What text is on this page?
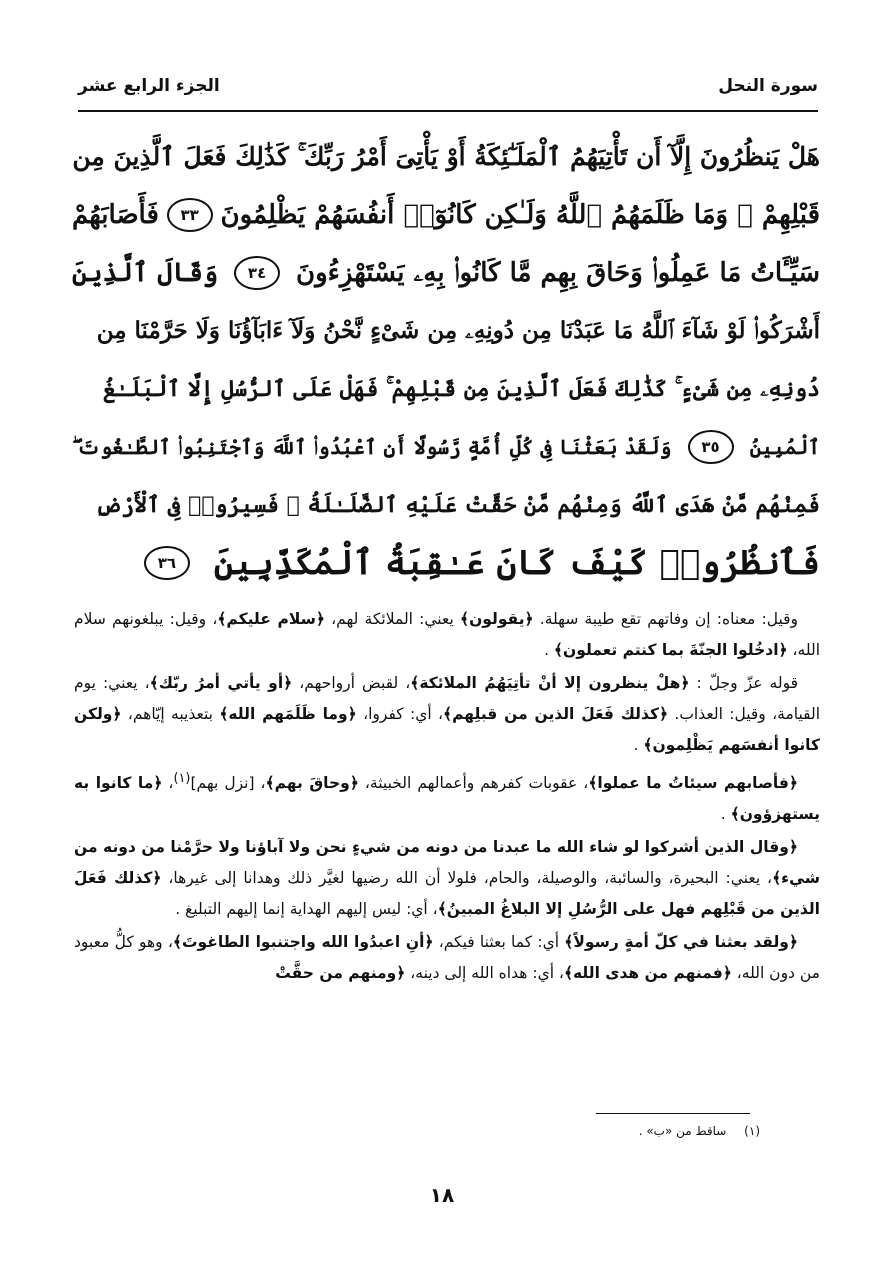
سورة النحل
الجزء الرابع عشر
هَلْ يَنظُرُونَ إِلَّآ أَن تَأْتِيَهُمُ ٱلْمَلَـٰٓئِكَةُ أَوْ يَأْتِىَ أَمْرُ رَبِّكَ ۚ كَذَٰلِكَ فَعَلَ ٱلَّذِينَ مِن
قَبْلِهِمْ ۚ وَمَا ظَلَمَهُمُ ٱللَّهُ وَلَـٰكِن كَانُوٓا۟ أَنفُسَهُمْ يَظْلِمُونَ
٣٣
فَأَصَابَهُمْ
سَيِّـَٔاتُ مَا عَمِلُوا۟ وَحَاقَ بِهِم مَّا كَانُوا۟ بِهِۦ يَسْتَهْزِءُونَ
٣٤
وَقَالَ ٱلَّذِينَ
أَشْرَكُوا۟ لَوْ شَآءَ ٱللَّهُ مَا عَبَدْنَا مِن دُونِهِۦ مِن شَىْءٍ نَّحْنُ وَلَآ ءَابَآؤُنَا وَلَا حَرَّمْنَا مِن
دُونِهِۦ مِن شَىْءٍ ۚ كَذَٰلِكَ فَعَلَ ٱلَّذِينَ مِن قَبْلِهِمْ ۚ فَهَلْ عَلَى ٱلرُّسُلِ إِلَّا ٱلْبَلَـٰغُ
ٱلْمُبِينُ
٣٥
وَلَقَدْ بَعَثْنَا فِى كُلِّ أُمَّةٍ رَّسُولًا أَنِ ٱعْبُدُوا۟ ٱللَّهَ وَٱجْتَنِبُوا۟ ٱلطَّـٰغُوتَ ۖ
فَمِنْهُم مَّنْ هَدَى ٱللَّهُ وَمِنْهُم مَّنْ حَقَّتْ عَلَيْهِ ٱلضَّلَـٰلَةُ ۚ فَسِيرُوا۟ فِى ٱلْأَرْضِ
فَٱنظُرُوا۟ كَيْفَ كَانَ عَـٰقِبَةُ ٱلْمُكَذِّبِينَ
٣٦

وقيل: معناه: إن وفاتهم تقع طيبة سهلة. ﴿يقولون﴾ يعني: الملائكة لهم، ﴿سلام عليكم﴾، وقيل: يبلغونهم سلام الله، ﴿ادخُلوا الجنّةَ بما كنتم تعملون﴾ .

قوله عزّ وجلّ : ﴿هلْ ينظرون إلا أنْ تأتِيَهُمُ الملائكة﴾، لقبض أرواحهم، ﴿أو يأتي أمرُ ربّك﴾، يعني: يوم القيامة، وقيل: العذاب. ﴿كذلك فَعَلَ الذين من قبلِهم﴾، أي: كفروا، ﴿وما ظَلَمَهم الله﴾ بتعذيبه إيّاهم، ﴿ولكن كانوا أنفسَهم يَظْلِمون﴾ .

﴿فأصابهم سيئاتُ ما عملوا﴾، عقوبات كفرهم وأعمالهم الخبيثة، ﴿وحاقَ بهم﴾، [نزل بهم]$^{(١)}$، ﴿ما كانوا به يستهزؤون﴾ .

﴿وقال الذين أشركوا لو شاء الله ما عبدنا من دونه من شيءٍ نحن ولا آباؤنا ولا حرَّمْنا من دونه من شيء﴾، يعني: البحيرة، والسائبة، والوصيلة، والحام، فلولا أن الله رضيها لغيَّر ذلك وهدانا إلى غيرها، ﴿كذلك فَعَلَ الذين من قَبْلِهم فهل على الرُّسُلِ إلا البلاغُ المبينُ﴾، أي: ليس إليهم الهداية إنما إليهم التبليغ .

﴿ولقد بعثنا في كلّ أمةٍ رسولاً﴾ أي: كما بعثنا فيكم، ﴿أنِ اعبدُوا الله واجتنبوا الطاغوتَ﴾، وهو كلُّ معبود من دون الله، ﴿فمنهم من هدى الله﴾، أي: هداه الله إلى دينه، ﴿ومنهم من حقَّتْ

(١) ساقط من «ب» .
١٨
